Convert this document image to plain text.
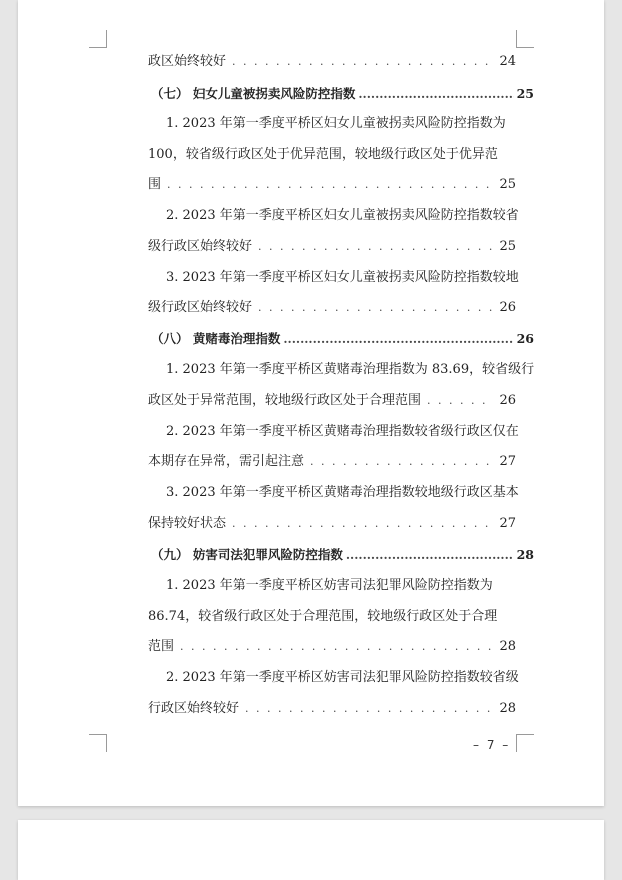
政区始终较好 . . .	24
（七） 妇女儿童被拐卖风险防控指数 .....	25
1. 2023 年第一季度平桥区妇女儿童被拐卖风险防控指数为
100，较省级行政区处于优异范围，较地级行政区处于优异范
围 . . .	25
2. 2023 年第一季度平桥区妇女儿童被拐卖风险防控指数较省
级行政区始终较好 . . .	25
3. 2023 年第一季度平桥区妇女儿童被拐卖风险防控指数较地
级行政区始终较好 . . .	26
（八） 黄赌毒治理指数 .....	26
1. 2023 年第一季度平桥区黄赌毒治理指数为 83.69，较省级行
政区处于异常范围，较地级行政区处于合理范围 . . .	26
2. 2023 年第一季度平桥区黄赌毒治理指数较省级行政区仅在
本期存在异常，需引起注意 . . .	27
3. 2023 年第一季度平桥区黄赌毒治理指数较地级行政区基本
保持较好状态 . . .	27
（九） 妨害司法犯罪风险防控指数 .....	28
1. 2023 年第一季度平桥区妨害司法犯罪风险防控指数为
86.74，较省级行政区处于合理范围，较地级行政区处于合理
范围 . . .	28
2. 2023 年第一季度平桥区妨害司法犯罪风险防控指数较省级
行政区始终较好 . . .	28
– 7 –
